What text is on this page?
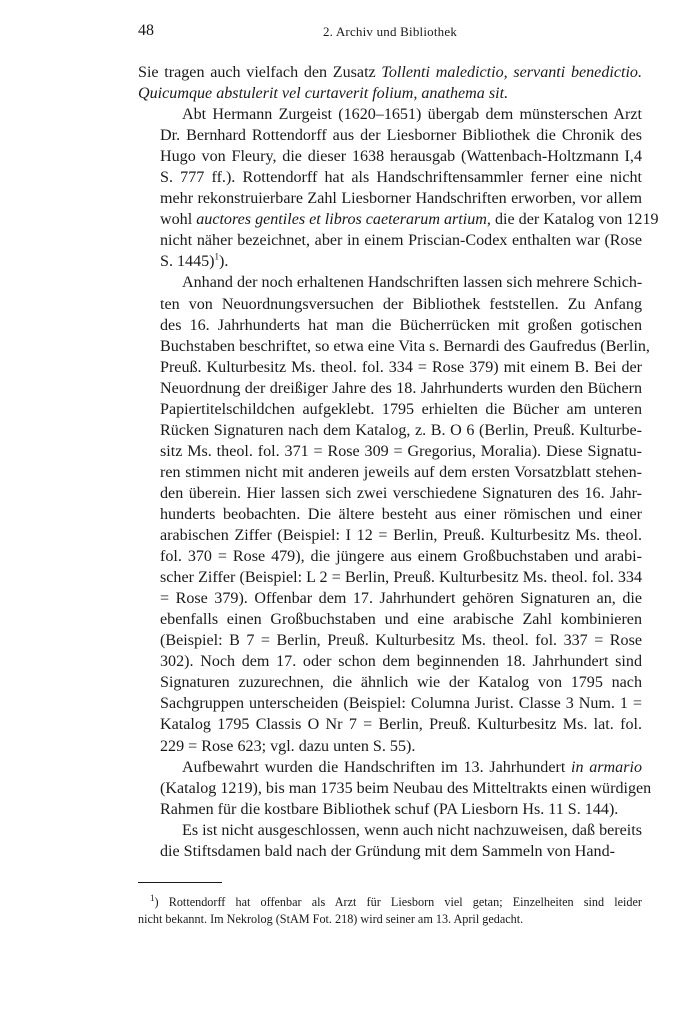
48	2. Archiv und Bibliothek
Sie tragen auch vielfach den Zusatz Tollenti maledictio, servanti benedictio.
Quicumque abstulerit vel curtaverit folium, anathema sit.
Abt Hermann Zurgeist (1620–1651) übergab dem münsterschen Arzt
Dr. Bernhard Rottendorff aus der Liesborner Bibliothek die Chronik des
Hugo von Fleury, die dieser 1638 herausgab (Wattenbach-Holtzmann I,4
S. 777 ff.). Rottendorff hat als Handschriftensammler ferner eine nicht
mehr rekonstruierbare Zahl Liesborner Handschriften erworben, vor allem
wohl auctores gentiles et libros caeterarum artium, die der Katalog von 1219
nicht näher bezeichnet, aber in einem Priscian-Codex enthalten war (Rose
S. 1445)$^1$).
Anhand der noch erhaltenen Handschriften lassen sich mehrere Schich-
ten von Neuordnungsversuchen der Bibliothek feststellen. Zu Anfang
des 16. Jahrhunderts hat man die Bücherrücken mit großen gotischen
Buchstaben beschriftet, so etwa eine Vita s. Bernardi des Gaufredus (Berlin,
Preuß. Kulturbesitz Ms. theol. fol. 334 = Rose 379) mit einem B. Bei der
Neuordnung der dreißiger Jahre des 18. Jahrhunderts wurden den Büchern
Papiertitelschildchen aufgeklebt. 1795 erhielten die Bücher am unteren
Rücken Signaturen nach dem Katalog, z. B. O 6 (Berlin, Preuß. Kulturbe-
sitz Ms. theol. fol. 371 = Rose 309 = Gregorius, Moralia). Diese Signatu-
ren stimmen nicht mit anderen jeweils auf dem ersten Vorsatzblatt stehen-
den überein. Hier lassen sich zwei verschiedene Signaturen des 16. Jahr-
hunderts beobachten. Die ältere besteht aus einer römischen und einer
arabischen Ziffer (Beispiel: I 12 = Berlin, Preuß. Kulturbesitz Ms. theol.
fol. 370 = Rose 479), die jüngere aus einem Großbuchstaben und arabi-
scher Ziffer (Beispiel: L 2 = Berlin, Preuß. Kulturbesitz Ms. theol. fol. 334
= Rose 379). Offenbar dem 17. Jahrhundert gehören Signaturen an, die
ebenfalls einen Großbuchstaben und eine arabische Zahl kombinieren
(Beispiel: B 7 = Berlin, Preuß. Kulturbesitz Ms. theol. fol. 337 = Rose
302). Noch dem 17. oder schon dem beginnenden 18. Jahrhundert sind
Signaturen zuzurechnen, die ähnlich wie der Katalog von 1795 nach
Sachgruppen unterscheiden (Beispiel: Columna Jurist. Classe 3 Num. 1 =
Katalog 1795 Classis O Nr 7 = Berlin, Preuß. Kulturbesitz Ms. lat. fol.
229 = Rose 623; vgl. dazu unten S. 55).
Aufbewahrt wurden die Handschriften im 13. Jahrhundert in armario
(Katalog 1219), bis man 1735 beim Neubau des Mitteltrakts einen würdigen
Rahmen für die kostbare Bibliothek schuf (PA Liesborn Hs. 11 S. 144).
Es ist nicht ausgeschlossen, wenn auch nicht nachzuweisen, daß bereits
die Stiftsdamen bald nach der Gründung mit dem Sammeln von Hand-
$^1$) Rottendorff hat offenbar als Arzt für Liesborn viel getan; Einzelheiten sind leider
nicht bekannt. Im Nekrolog (StAM Fot. 218) wird seiner am 13. April gedacht.
